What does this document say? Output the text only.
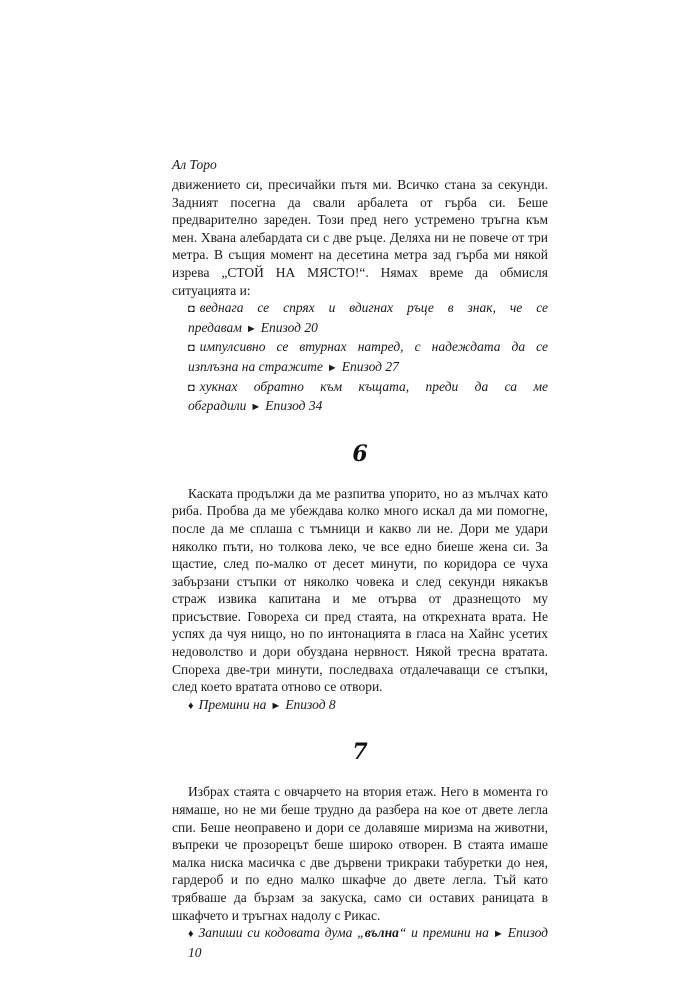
Ал Торо

движението си, пресичайки пътя ми. Всичко стана за секунди. Задният посегна да свали арбалета от гърба си. Беше предварително зареден. Този пред него устремено тръгна към мен. Хвана алебардата си с две ръце. Деляха ни не повече от три метра. В същия момент на десетина метра зад гърба ми някой изрева „СТОЙ НА МЯСТО!“. Нямах време да обмисля ситуацията и:

◘ веднага се спрях и вдигнах ръце в знак, че се предавам ► Епизод 20
◘ импулсивно се втурнах натред, с надеждата да се изплъзна на стражите ► Епизод 27
◘ хукнах обратно към къщата, преди да са ме обградили ► Епизод 34
6

Каската продължи да ме разпитва упорито, но аз мълчах като риба. Пробва да ме убеждава колко много искал да ми помогне, после да ме сплаша с тъмници и какво ли не. Дори ме удари няколко пъти, но толкова леко, че все едно биеше жена си. За щастие, след по-малко от десет минути, по коридора се чуха забързани стъпки от няколко човека и след секунди някакъв страж извика капитана и ме отърва от дразнещото му присъствие. Говореха си пред стаята, на открехната врата. Не успях да чуя нищо, но по интонацията в гласа на Хайнс усетих недоволство и дори обуздана нервност. Някой тресна вратата. Спореха две-три минути, последваха отдалечаващи се стъпки, след което вратата отново се отвори.

♦ Премини на ► Епизод 8
7

Избрах стаята с овчарчето на втория етаж. Него в момента го нямаше, но не ми беше трудно да разбера на кое от двете легла спи. Беше неоправено и дори се долавяше миризма на животни, въпреки че прозорецът беше широко отворен. В стаята имаше малка ниска масичка с две дървени трикраки табуретки до нея, гардероб и по едно малко шкафче до двете легла. Тъй като трябваше да бързам за закуска, само си оставих раницата в шкафчето и тръгнах надолу с Рикас.

♦ Запиши си кодовата дума „вълна“ и премини на ► Епизод 10
